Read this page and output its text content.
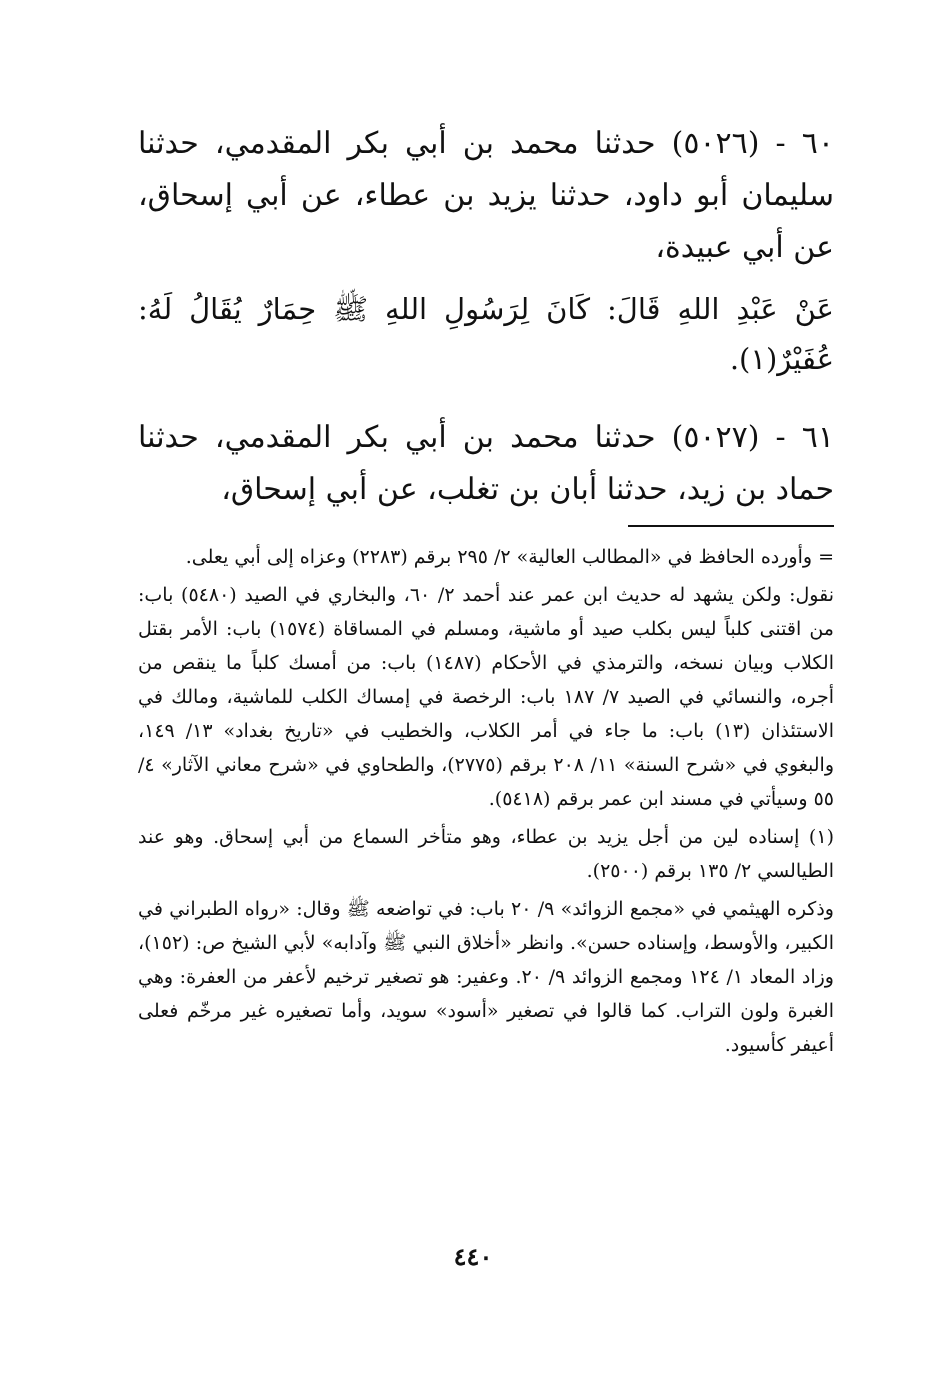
٦٠ - (٥٠٢٦) حدثنا محمد بن أبي بكر المقدمي، حدثنا سليمان أبو داود، حدثنا يزيد بن عطاء، عن أبي إسحاق، عن أبي عبيدة،

عَنْ عَبْدِ اللهِ قَالَ: كَانَ لِرَسُولِ اللهِ ﷺ حِمَارٌ يُقَالُ لَهُ: عُفَيْرٌ(١).

٦١ - (٥٠٢٧) حدثنا محمد بن أبي بكر المقدمي، حدثنا حماد بن زيد، حدثنا أبان بن تغلب، عن أبي إسحاق،

= وأورده الحافظ في «المطالب العالية» ٢/ ٢٩٥ برقم (٢٢٨٣) وعزاه إلى أبي يعلى.

نقول: ولكن يشهد له حديث ابن عمر عند أحمد ٢/ ٦٠، والبخاري في الصيد (٥٤٨٠) باب: من اقتنى كلباً ليس بكلب صيد أو ماشية، ومسلم في المساقاة (١٥٧٤) باب: الأمر بقتل الكلاب وبيان نسخه، والترمذي في الأحكام (١٤٨٧) باب: من أمسك كلباً ما ينقص من أجره، والنسائي في الصيد ٧/ ١٨٧ باب: الرخصة في إمساك الكلب للماشية، ومالك في الاستئذان (١٣) باب: ما جاء في أمر الكلاب، والخطيب في «تاريخ بغداد» ١٣/ ١٤٩، والبغوي في «شرح السنة» ١١/ ٢٠٨ برقم (٢٧٧٥)، والطحاوي في «شرح معاني الآثار» ٤/ ٥٥ وسيأتي في مسند ابن عمر برقم (٥٤١٨).

(١) إسناده لين من أجل يزيد بن عطاء، وهو متأخر السماع من أبي إسحاق. وهو عند الطيالسي ٢/ ١٣٥ برقم (٢٥٠٠).

وذكره الهيثمي في «مجمع الزوائد» ٩/ ٢٠ باب: في تواضعه ﷺ وقال: «رواه الطبراني في الكبير، والأوسط، وإسناده حسن». وانظر «أخلاق النبي ﷺ وآدابه» لأبي الشيخ ص: (١٥٢)، وزاد المعاد ١/ ١٢٤ ومجمع الزوائد ٩/ ٢٠. وعفير: هو تصغير ترخيم لأعفر من العفرة: وهي الغبرة ولون التراب. كما قالوا في تصغير «أسود» سويد، وأما تصغيره غير مرخّم فعلى أعيفر كأسيود.

٤٤٠
